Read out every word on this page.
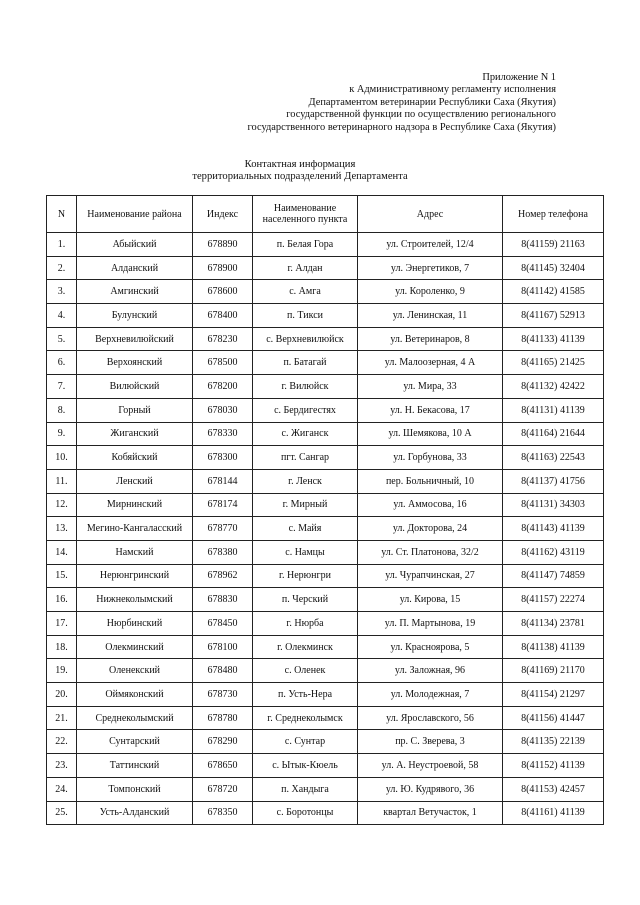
Приложение N 1
к Административному регламенту исполнения
Департаментом ветеринарии Республики Саха (Якутия)
государственной функции по осуществлению регионального
государственного ветеринарного надзора в Республике Саха (Якутия)
Контактная информация
территориальных подразделений Департамента
N	Наименование района	Индекс	Наименование населенного пункта	Адрес	Номер телефона
1.	Абыйский	678890	п. Белая Гора	ул. Строителей, 12/4	8(41159) 21163
2.	Алданский	678900	г. Алдан	ул. Энергетиков, 7	8(41145) 32404
3.	Амгинский	678600	с. Амга	ул. Короленко, 9	8(41142) 41585
4.	Булунский	678400	п. Тикси	ул. Ленинская, 11	8(41167) 52913
5.	Верхневилюйский	678230	с. Верхневилюйск	ул. Ветеринаров, 8	8(41133) 41139
6.	Верхоянский	678500	п. Батагай	ул. Малоозерная, 4 А	8(41165) 21425
7.	Вилюйский	678200	г. Вилюйск	ул. Мира, 33	8(41132) 42422
8.	Горный	678030	с. Бердигестях	ул. Н. Бекасова, 17	8(41131) 41139
9.	Жиганский	678330	с. Жиганск	ул. Шемякова, 10 А	8(41164) 21644
10.	Кобяйский	678300	пгт. Сангар	ул. Горбунова, 33	8(41163) 22543
11.	Ленский	678144	г. Ленск	пер. Больничный, 10	8(41137) 41756
12.	Мирнинский	678174	г. Мирный	ул. Аммосова, 16	8(41131) 34303
13.	Мегино-Кангаласский	678770	с. Майя	ул. Докторова, 24	8(41143) 41139
14.	Намский	678380	с. Намцы	ул. Ст. Платонова, 32/2	8(41162) 43119
15.	Нерюнгринский	678962	г. Нерюнгри	ул. Чурапчинская, 27	8(41147) 74859
16.	Нижнеколымский	678830	п. Черский	ул. Кирова, 15	8(41157) 22274
17.	Нюрбинский	678450	г. Нюрба	ул. П. Мартынова, 19	8(41134) 23781
18.	Олекминский	678100	г. Олекминск	ул. Красноярова, 5	8(41138) 41139
19.	Оленекский	678480	с. Оленек	ул. Заложная, 96	8(41169) 21170
20.	Оймяконский	678730	п. Усть-Нера	ул. Молодежная, 7	8(41154) 21297
21.	Среднеколымский	678780	г. Среднеколымск	ул. Ярославского, 56	8(41156) 41447
22.	Сунтарский	678290	с. Сунтар	пр. С. Зверева, 3	8(41135) 22139
23.	Таттинский	678650	с. Ытык-Кюель	ул. А. Неустроевой, 58	8(41152) 41139
24.	Томпонский	678720	п. Хандыга	ул. Ю. Кудрявого, 36	8(41153) 42457
25.	Усть-Алданский	678350	с. Боротонцы	квартал Ветучасток, 1	8(41161) 41139
